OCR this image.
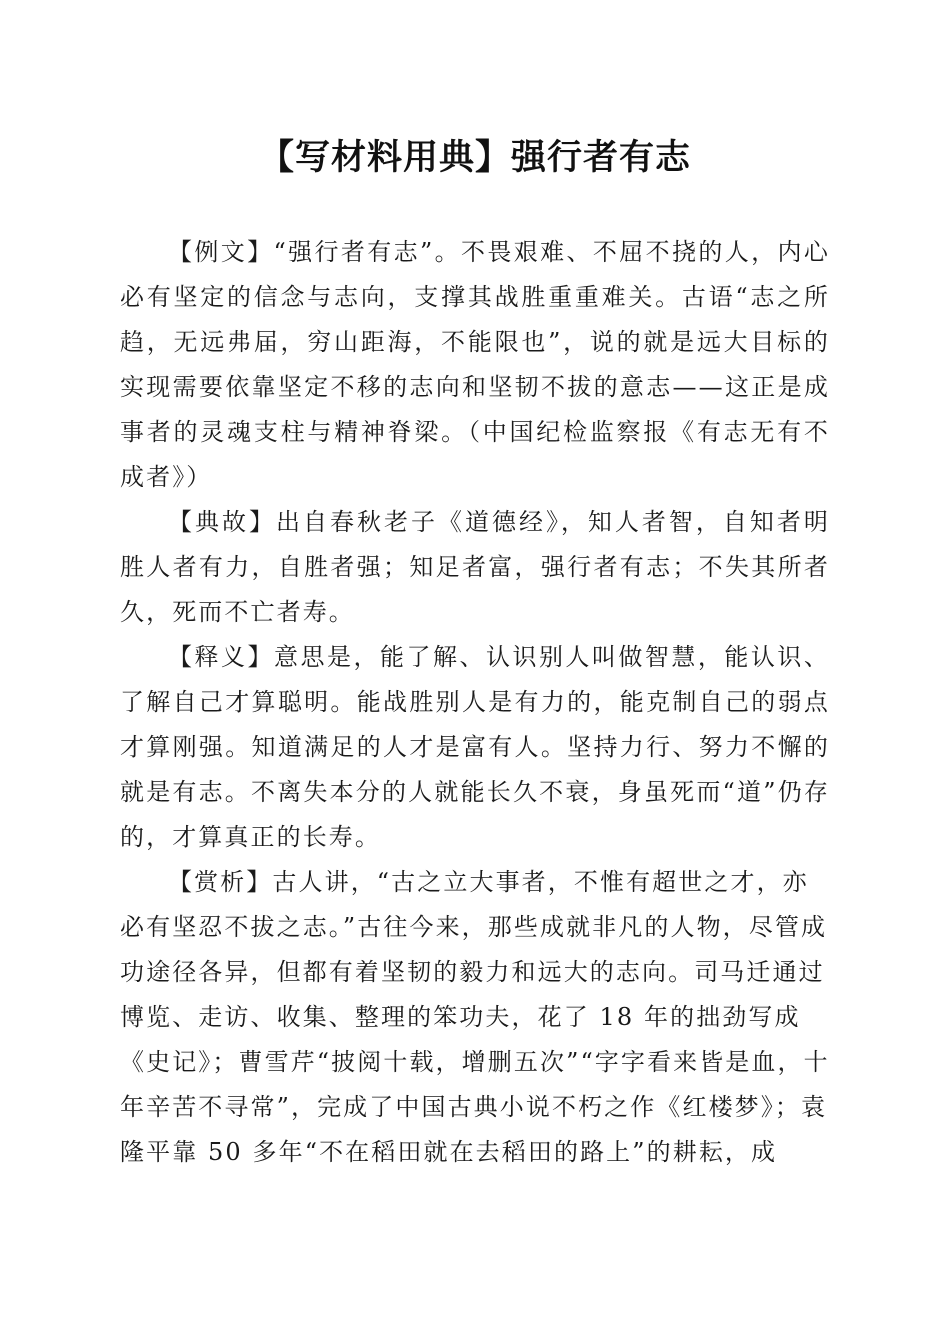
【写材料用典】强行者有志

【例文】“强行者有志”。不畏艰难、不屈不挠的人，内心必有坚定的信念与志向，支撑其战胜重重难关。古语“志之所趋，无远弗届，穷山距海，不能限也”，说的就是远大目标的实现需要依靠坚定不移的志向和坚韧不拔的意志——这正是成事者的灵魂支柱与精神脊梁。（中国纪检监察报《有志无有不成者》）

【典故】出自春秋老子《道德经》，知人者智，自知者明胜人者有力，自胜者强；知足者富，强行者有志；不失其所者久，死而不亡者寿。

【释义】意思是，能了解、认识别人叫做智慧，能认识、了解自己才算聪明。能战胜别人是有力的，能克制自己的弱点才算刚强。知道满足的人才是富有人。坚持力行、努力不懈的就是有志。不离失本分的人就能长久不衰，身虽死而“道”仍存的，才算真正的长寿。

【赏析】古人讲，“古之立大事者，不惟有超世之才，亦必有坚忍不拔之志。”古往今来，那些成就非凡的人物，尽管成功途径各异，但都有着坚韧的毅力和远大的志向。司马迁通过博览、走访、收集、整理的笨功夫，花了 18 年的拙劲写成《史记》；曹雪芹“披阅十载，增删五次”“字字看来皆是血，十年辛苦不寻常”，完成了中国古典小说不朽之作《红楼梦》；袁隆平靠 50 多年“不在稻田就在去稻田的路上”的耕耘，成
